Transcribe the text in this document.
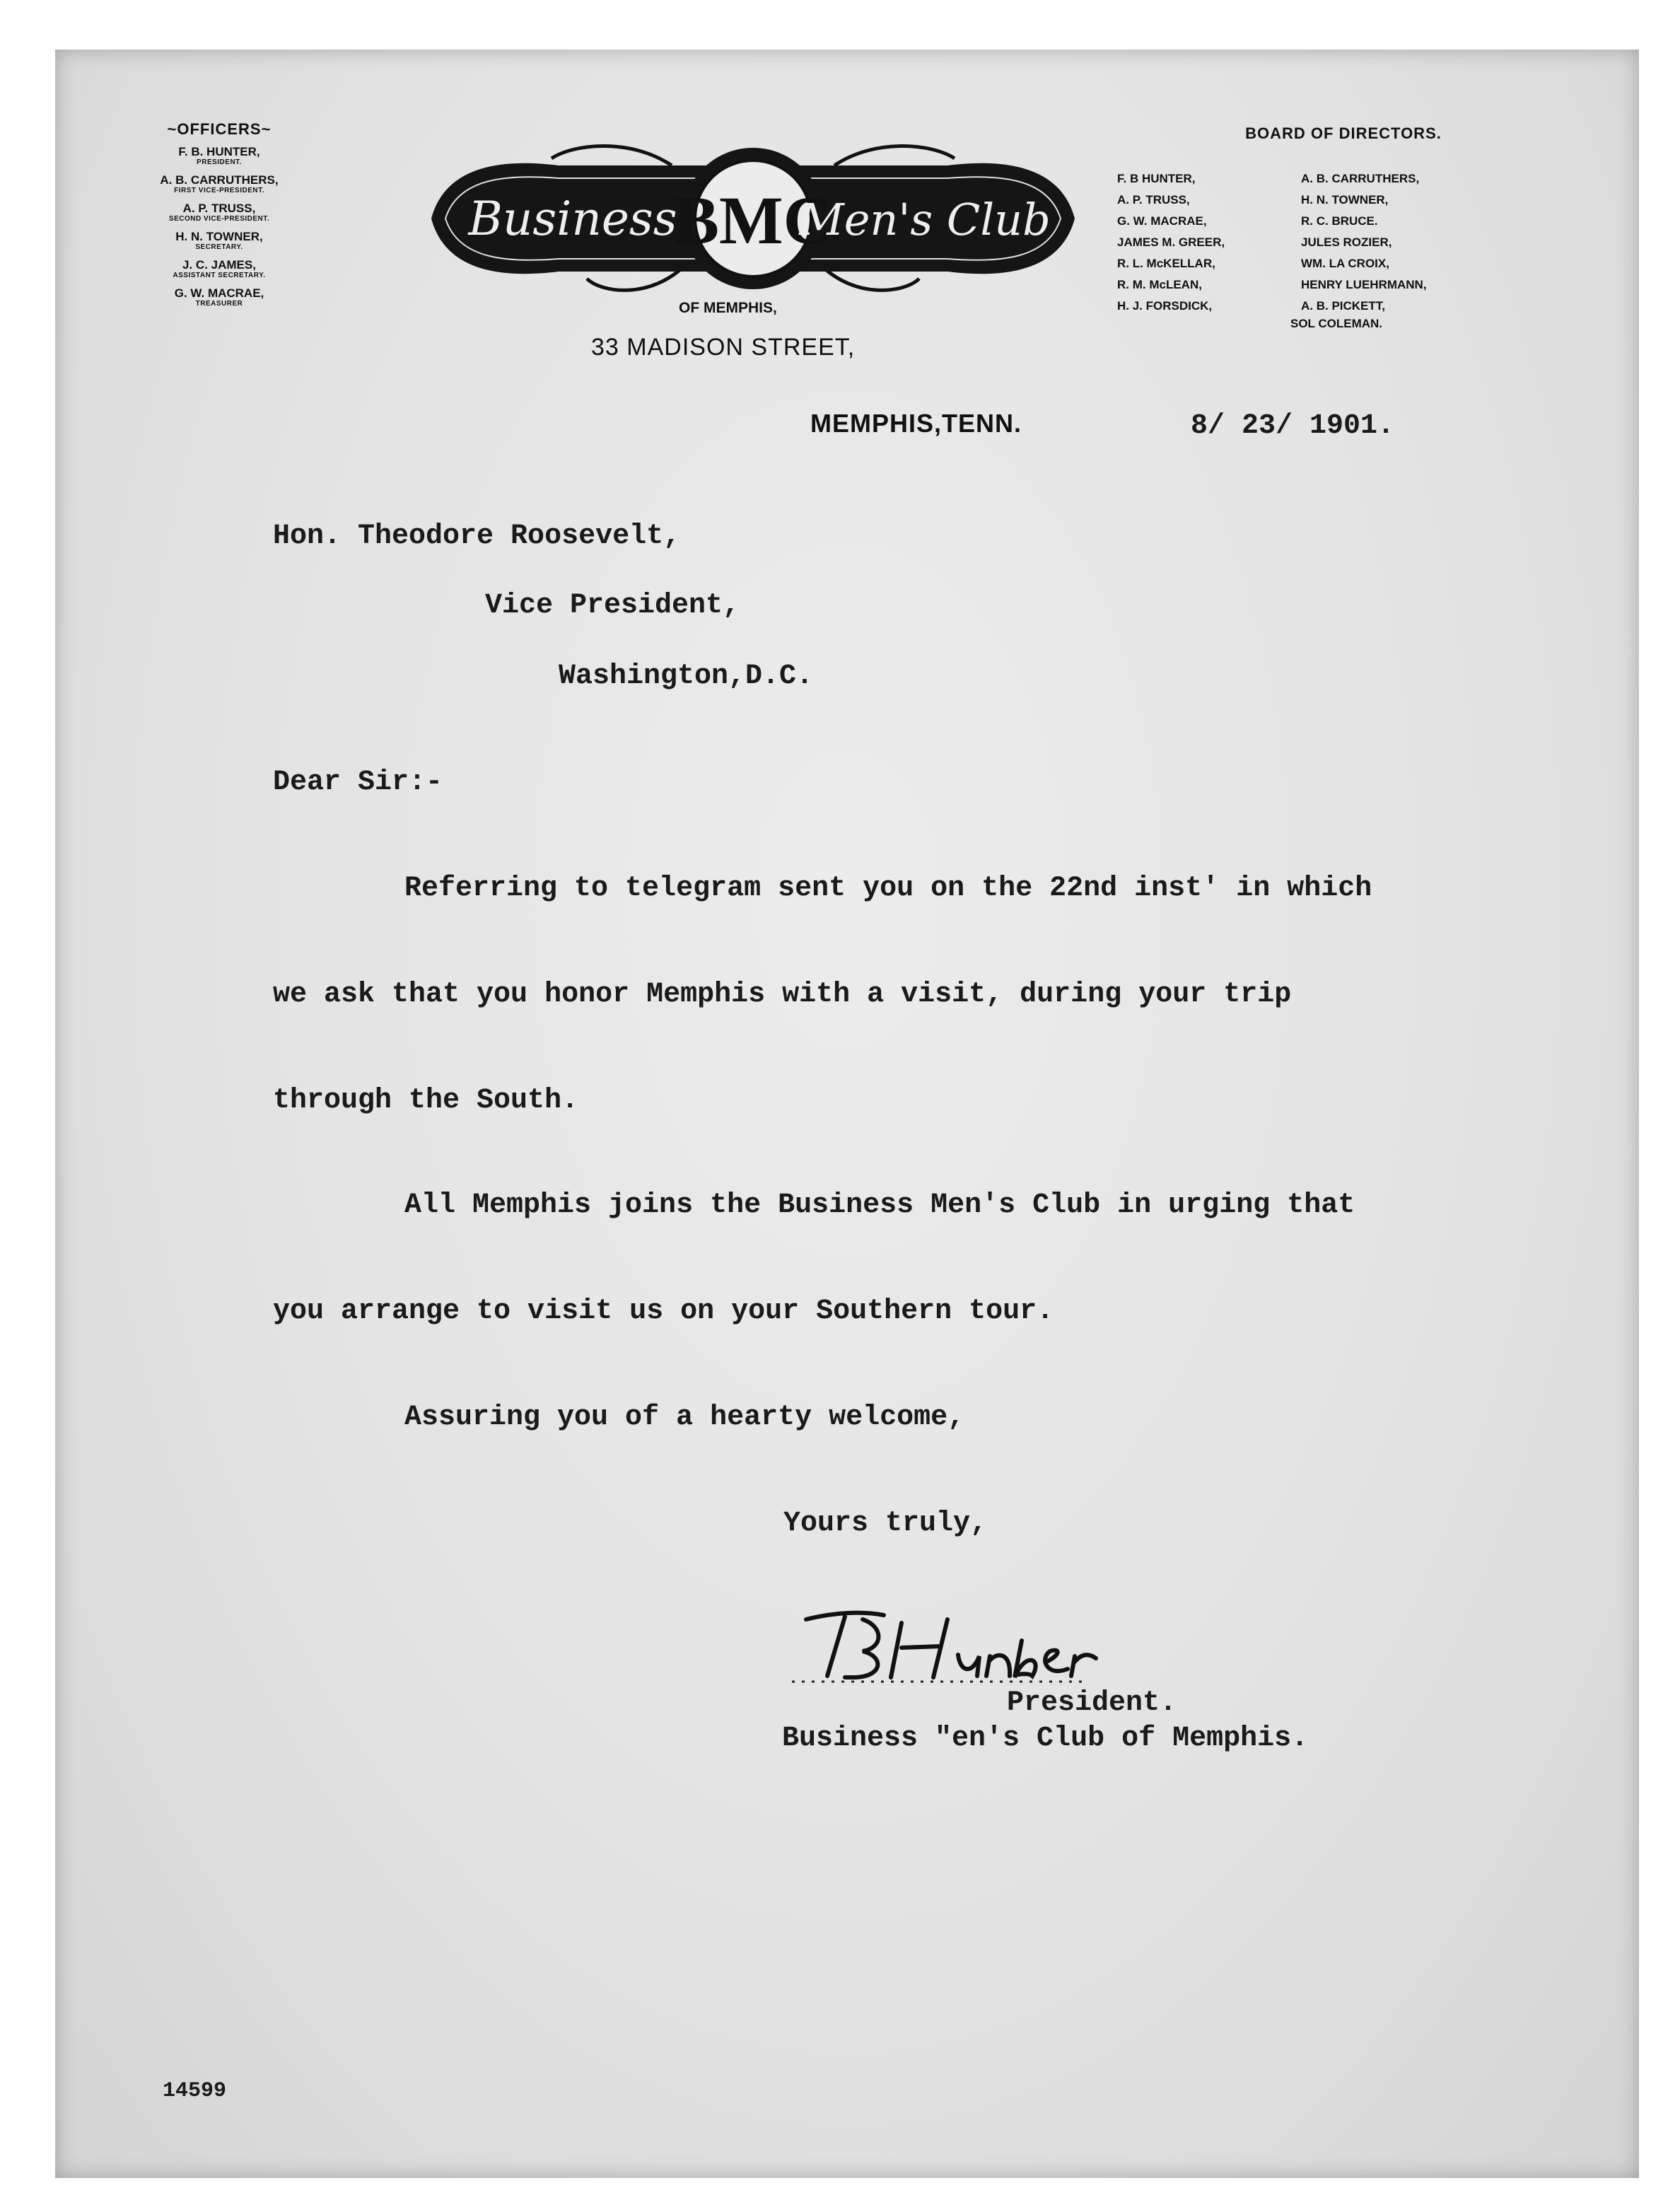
~OFFICERS~
F. B. HUNTER,
PRESIDENT.
A. B. CARRUTHERS,
FIRST VICE-PRESIDENT.
A. P. TRUSS,
SECOND VICE-PRESIDENT.
H. N. TOWNER,
SECRETARY.
J. C. JAMES,
ASSISTANT SECRETARY.
G. W. MACRAE,
TREASURER
BMC
Business	Men's Club
OF MEMPHIS,
33 MADISON STREET,
BOARD OF DIRECTORS.
F. B HUNTER,	A. B. CARRUTHERS,
A. P. TRUSS,	H. N. TOWNER,
G. W. MACRAE,	R. C. BRUCE.
JAMES M. GREER,	JULES ROZIER,
R. L. McKELLAR,	WM. LA CROIX,
R. M. McLEAN,	HENRY LUEHRMANN,
H. J. FORSDICK,	A. B. PICKETT,
SOL COLEMAN.
MEMPHIS,TENN.	8/ 23/ 1901.
Hon. Theodore Roosevelt,
Vice President,
Washington,D.C.
Dear Sir:-
Referring to telegram sent you on the 22nd inst' in which
we ask that you honor Memphis with a visit, during your trip
through the South.
All Memphis joins the Business Men's Club in urging that
you arrange to visit us on your Southern tour.
Assuring you of a hearty welcome,
Yours truly,
President.
Business "en's Club of Memphis.
14599
